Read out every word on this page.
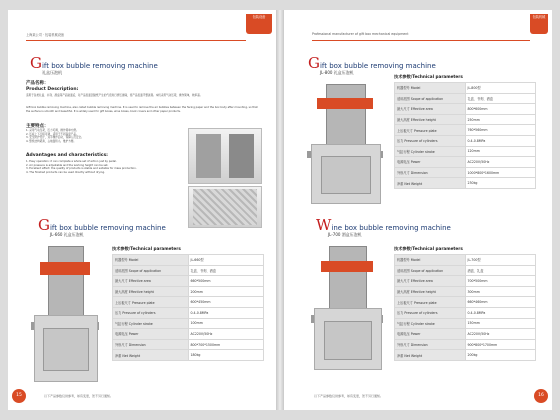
上海某公司 · 包装机械设备
包装设备
Gift box bubble removing machine
礼盒压泡机
产品名称：
Product Description:
适用于各类礼盒、书刻、酒盒等产品贴面后，对产品表面因贴纸产生的气泡进行挤压排除，使产品表面平整美观。本机采用气动压紧，操作简单，效率高。
Gift box bubble removing machine, also called bubble removing machine. It is used to remove the air bubbles between the facing paper and the box body after mounting, so that the surface is smooth and beautiful. It is widely used for gift boxes, wine boxes, book covers and other paper products.
主要特点：
1. 采用气动压紧，压力可调，操作简单方便。
2. 压板上下行程可调，适用于不同高度产品。
3. 安全防护设计，双手操作启动，保障人员安全。
4. 整机结构紧凑，占地面积小，维护方便。
Advantages and characteristics:
1. Easy operation: it can complete a whole set of action just by pedal.
2. Air pressure is adjustable and the working height can be set.
3. Excellent effect: the quality of products is stable and suitable for mass production.
4. The finished products can be used directly without drying.
Gift box bubble removing machine
JL-660 礼盒压泡机
技术参数/Technical parameters
机器型号 Model	JL-660型
适用范围 Scope of application	礼盒、书刻、酒盒
最大尺寸 Effective area	660*500mm
最大高度 Effective height	200mm
上压板尺寸 Pressure plate	600*450mm
压力 Pressure of cylinders	0.4-0.8MPa
气缸行程 Cylinder stroke	100mm
电源电压 Power	AC220V/50Hz
外形尺寸 Dimension	800*700*1500mm
净重 Net Weight	180kg
以下产品参数仅供参考，如有变更，恕不另行通知。
15
Professional manufacturer of gift box mechanical equipment
包装机械
Gift box bubble removing machine
JL-800 礼盒压泡机
技术参数/Technical parameters
机器型号 Model	JL-800型
适用范围 Scope of application	礼盒、书刻、酒盒
最大尺寸 Effective area	800*600mm
最大高度 Effective height	250mm
上压板尺寸 Pressure plate	760*560mm
压力 Pressure of cylinders	0.4-0.8MPa
气缸行程 Cylinder stroke	120mm
电源电压 Power	AC220V/50Hz
外形尺寸 Dimension	1000*800*1600mm
净重 Net Weight	230kg
Wine box bubble removing machine
JL-700 酒盒压泡机
技术参数/Technical parameters
机器型号 Model	JL-700型
适用范围 Scope of application	酒盒、礼盒
最大尺寸 Effective area	700*500mm
最大高度 Effective height	300mm
上压板尺寸 Pressure plate	660*460mm
压力 Pressure of cylinders	0.4-0.8MPa
气缸行程 Cylinder stroke	150mm
电源电压 Power	AC220V/50Hz
外形尺寸 Dimension	900*800*1700mm
净重 Net Weight	200kg
以下产品参数仅供参考，如有变更，恕不另行通知。	16
